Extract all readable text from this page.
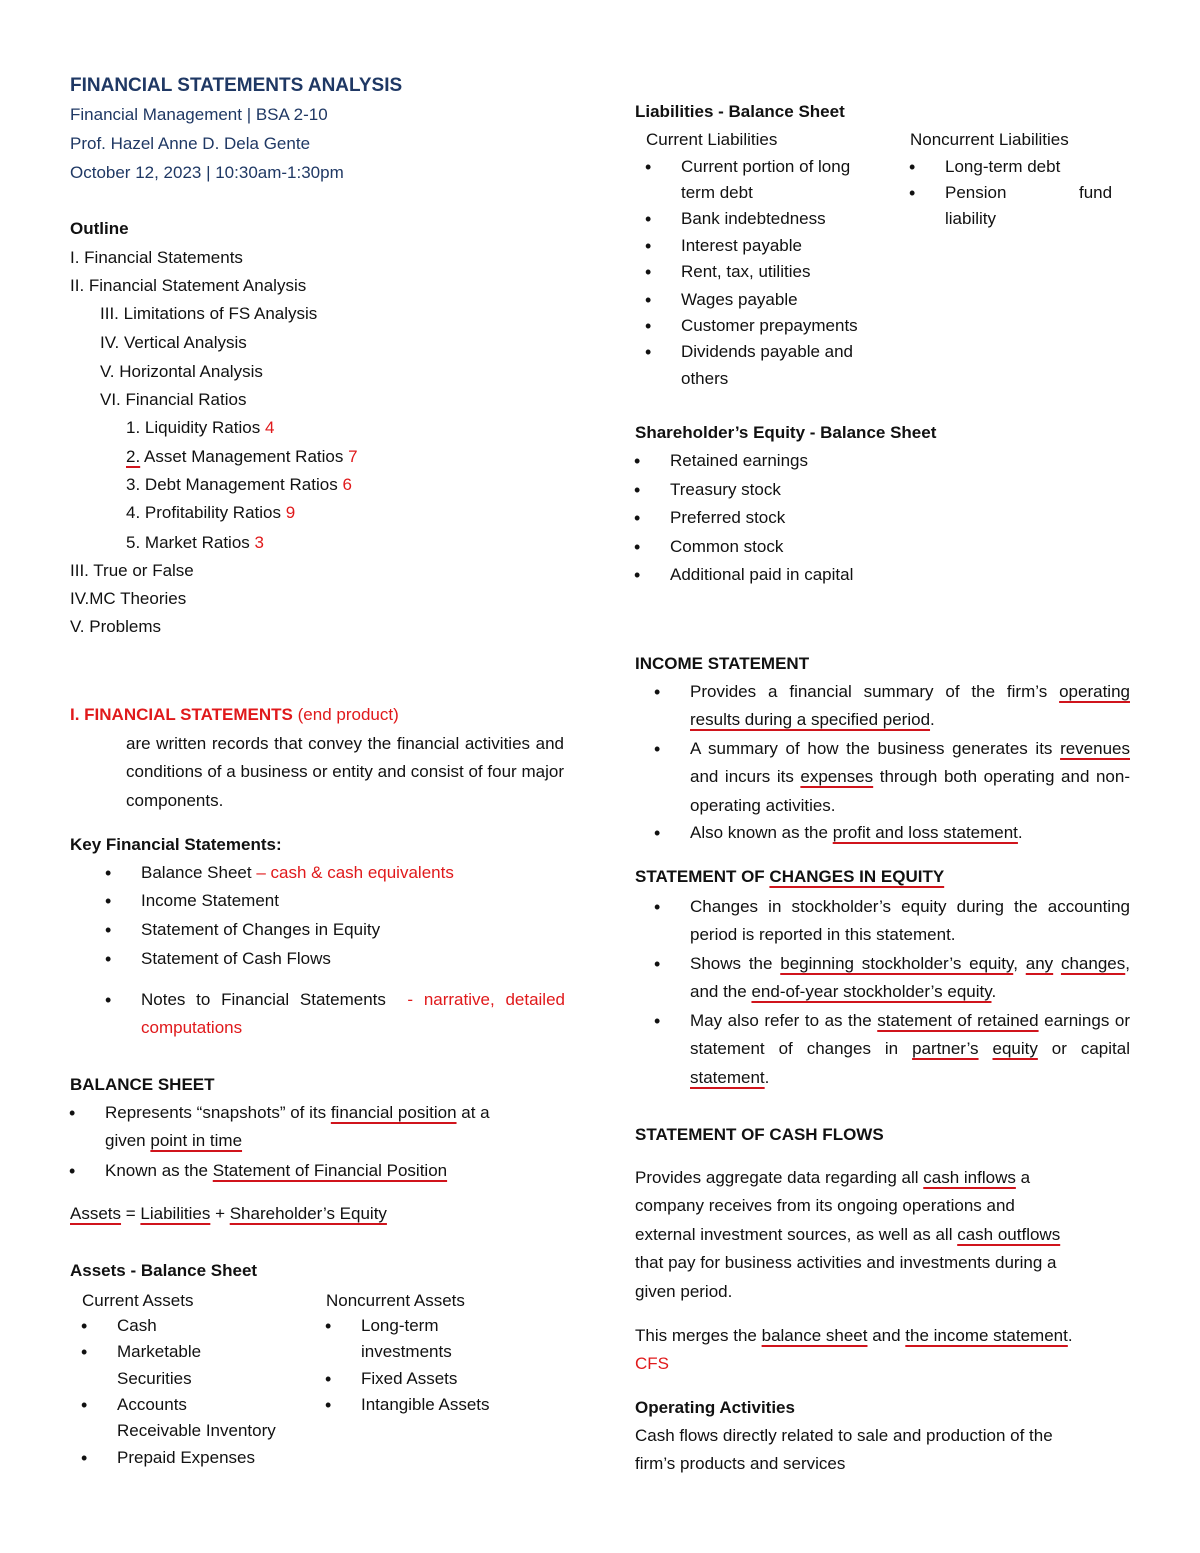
FINANCIAL STATEMENTS ANALYSIS
Financial Management | BSA 2-10
Prof. Hazel Anne D. Dela Gente
October 12, 2023 | 10:30am-1:30pm
Outline
I. Financial Statements
II. Financial Statement Analysis
III. Limitations of FS Analysis
IV. Vertical Analysis
V. Horizontal Analysis
VI. Financial Ratios
1. Liquidity Ratios 4
2. Asset Management Ratios 7
3. Debt Management Ratios 6
4. Profitability Ratios 9
5. Market Ratios 3
III. True or False
IV.MC Theories
V. Problems
I. FINANCIAL STATEMENTS (end product)
are written records that convey the financial activities and conditions of a business or entity and consist of four major components.
Key Financial Statements:
• Balance Sheet – cash & cash equivalents
• Income Statement
• Statement of Changes in Equity
• Statement of Cash Flows
• Notes to Financial Statements - narrative, detailed computations
BALANCE SHEET
• Represents “snapshots” of its financial position at a
given point in time
• Known as the Statement of Financial Position
Assets = Liabilities + Shareholder’s Equity
Assets - Balance Sheet
Current Assets
• Cash
• Marketable
Securities
• Accounts
Receivable Inventory
• Prepaid Expenses
Noncurrent Assets
• Long-term
investments
• Fixed Assets
• Intangible Assets
Liabilities - Balance Sheet
Current Liabilities
• Current portion of long
term debt
• Bank indebtedness
• Interest payable
• Rent, tax, utilities
• Wages payable
• Customer prepayments
• Dividends payable and
others
Noncurrent Liabilities
• Long-term debt
• Pension	fund
liability
Shareholder’s Equity - Balance Sheet
• Retained earnings
• Treasury stock
• Preferred stock
• Common stock
• Additional paid in capital
INCOME STATEMENT
• Provides a financial summary of the firm’s operating results during a specified period.
• A summary of how the business generates its revenues and incurs its expenses through both operating and non-operating activities.
• Also known as the profit and loss statement.
STATEMENT OF CHANGES IN EQUITY
• Changes in stockholder’s equity during the accounting period is reported in this statement.
• Shows the beginning stockholder’s equity, any changes, and the end-of-year stockholder’s equity.
• May also refer to as the statement of retained earnings or statement of changes in partner’s equity or capital statement.
STATEMENT OF CASH FLOWS
Provides aggregate data regarding all cash inflows a
company receives from its ongoing operations and
external investment sources, as well as all cash outflows
that pay for business activities and investments during a
given period.
This merges the balance sheet and the income statement.
CFS
Operating Activities
Cash flows directly related to sale and production of the
firm’s products and services
